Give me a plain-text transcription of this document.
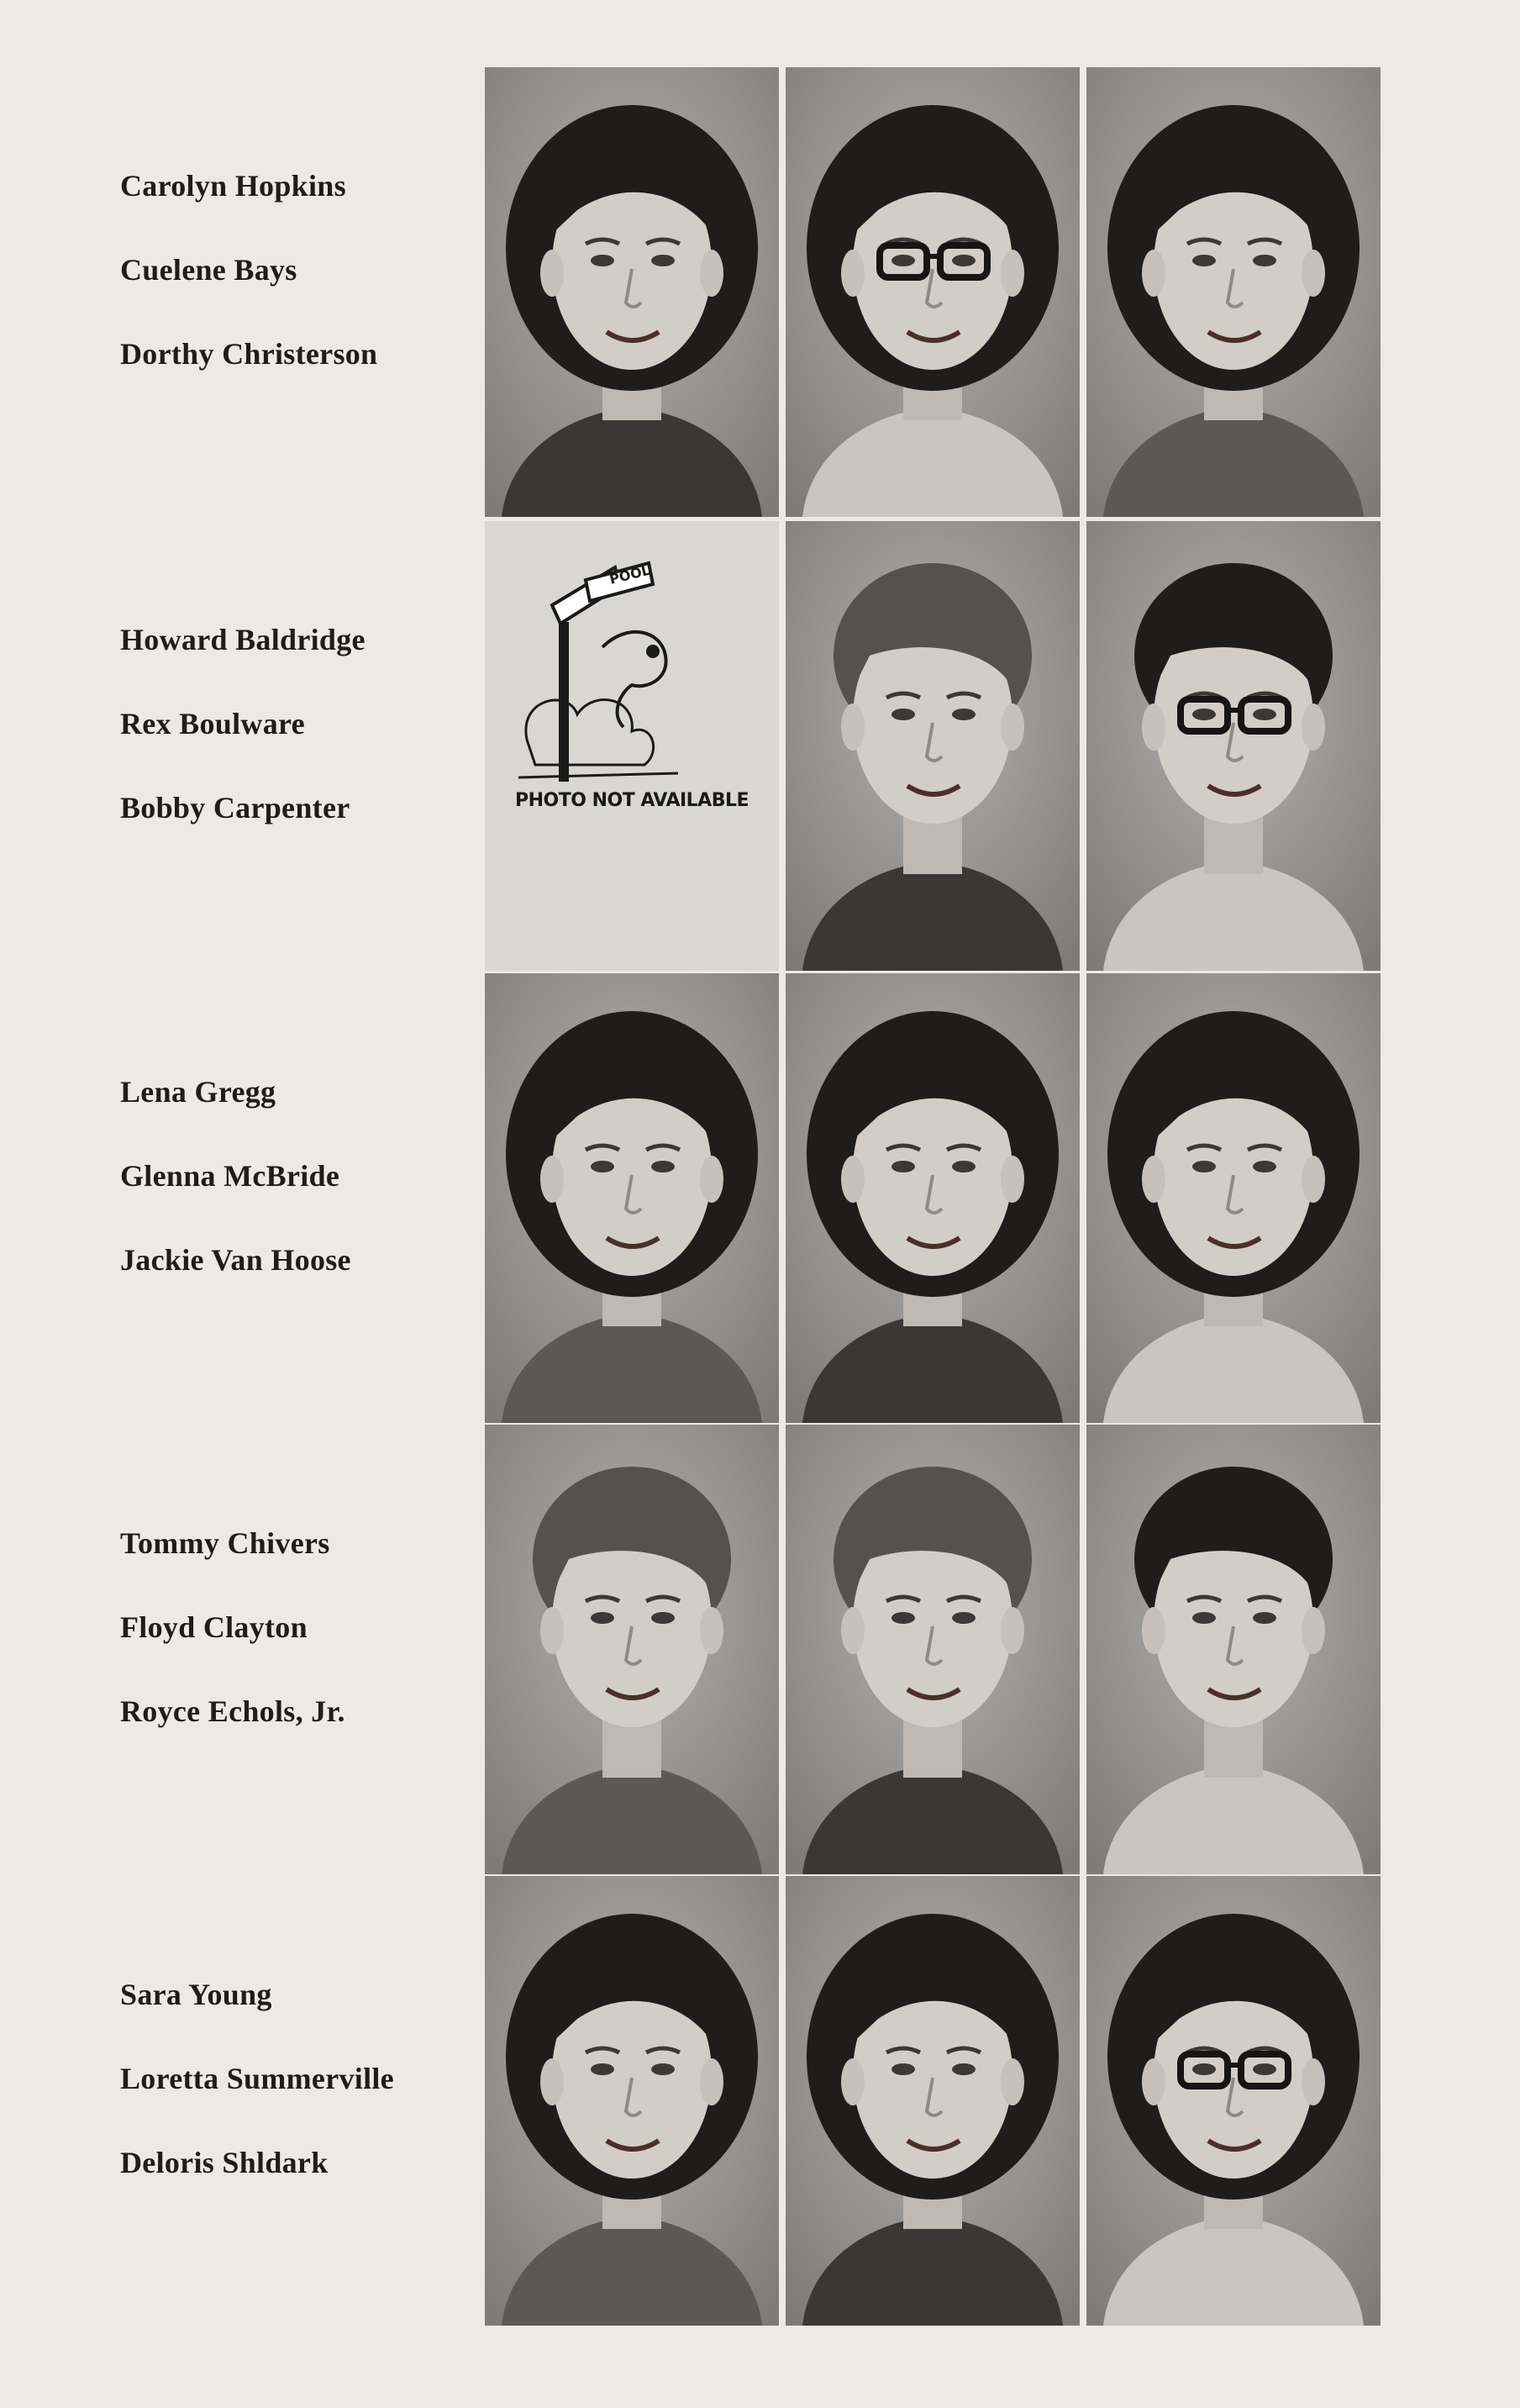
Carolyn Hopkins
Cuelene Bays
Dorthy Christerson
Howard Baldridge
Rex Boulware
Bobby Carpenter
POOL
PHOTO NOT AVAILABLE
Lena Gregg
Glenna McBride
Jackie Van Hoose
Tommy Chivers
Floyd Clayton
Royce Echols, Jr.
Sara Young
Loretta Summerville
Deloris Shldark
